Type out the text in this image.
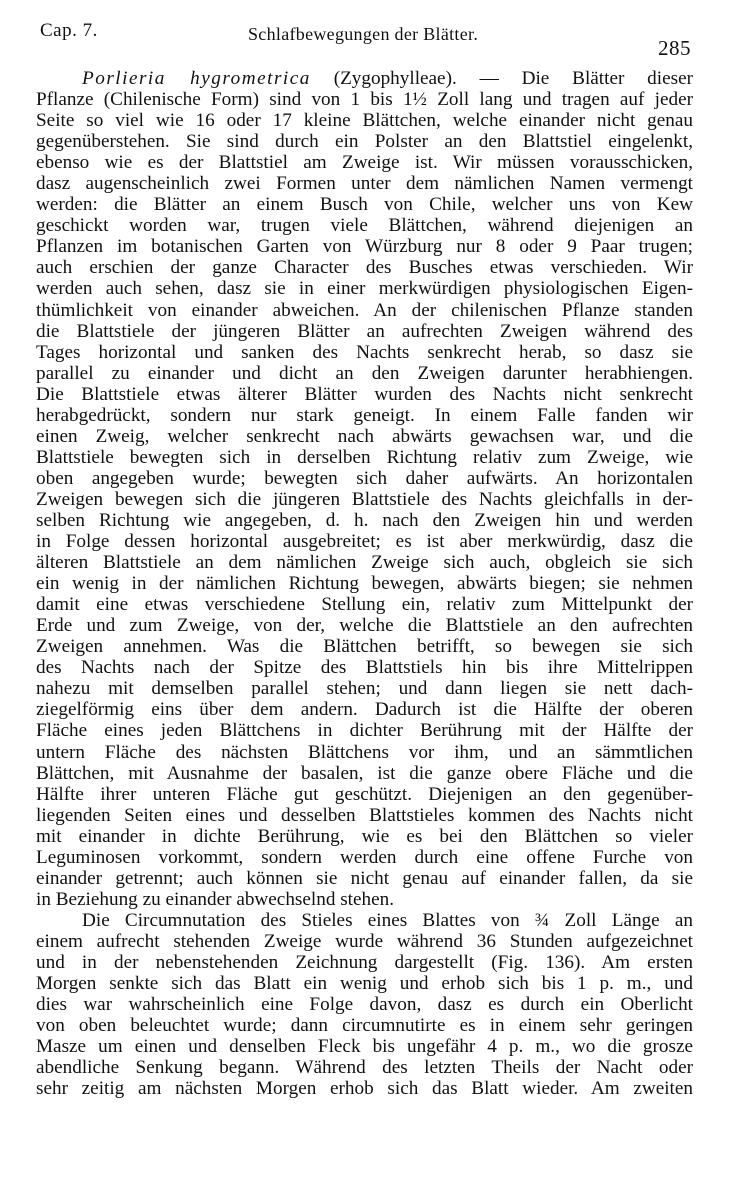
Cap. 7.	Schlafbewegungen der Blätter.
285
Porlieria hygrometrica (Zygophylleae). — Die Blätter dieser
Pflanze (Chilenische Form) sind von 1 bis 1½ Zoll lang und tragen auf jeder
Seite so viel wie 16 oder 17 kleine Blättchen, welche einander nicht genau
gegenüberstehen. Sie sind durch ein Polster an den Blattstiel eingelenkt,
ebenso wie es der Blattstiel am Zweige ist. Wir müssen vorausschicken,
dasz augenscheinlich zwei Formen unter dem nämlichen Namen vermengt
werden: die Blätter an einem Busch von Chile, welcher uns von Kew
geschickt worden war, trugen viele Blättchen, während diejenigen an
Pflanzen im botanischen Garten von Würzburg nur 8 oder 9 Paar trugen;
auch erschien der ganze Character des Busches etwas verschieden. Wir
werden auch sehen, dasz sie in einer merkwürdigen physiologischen Eigen-
thümlichkeit von einander abweichen. An der chilenischen Pflanze standen
die Blattstiele der jüngeren Blätter an aufrechten Zweigen während des
Tages horizontal und sanken des Nachts senkrecht herab, so dasz sie
parallel zu einander und dicht an den Zweigen darunter herabhiengen.
Die Blattstiele etwas älterer Blätter wurden des Nachts nicht senkrecht
herabgedrückt, sondern nur stark geneigt. In einem Falle fanden wir
einen Zweig, welcher senkrecht nach abwärts gewachsen war, und die
Blattstiele bewegten sich in derselben Richtung relativ zum Zweige, wie
oben angegeben wurde; bewegten sich daher aufwärts. An horizontalen
Zweigen bewegen sich die jüngeren Blattstiele des Nachts gleichfalls in der-
selben Richtung wie angegeben, d. h. nach den Zweigen hin und werden
in Folge dessen horizontal ausgebreitet; es ist aber merkwürdig, dasz die
älteren Blattstiele an dem nämlichen Zweige sich auch, obgleich sie sich
ein wenig in der nämlichen Richtung bewegen, abwärts biegen; sie nehmen
damit eine etwas verschiedene Stellung ein, relativ zum Mittelpunkt der
Erde und zum Zweige, von der, welche die Blattstiele an den aufrechten
Zweigen annehmen. Was die Blättchen betrifft, so bewegen sie sich
des Nachts nach der Spitze des Blattstiels hin bis ihre Mittelrippen
nahezu mit demselben parallel stehen; und dann liegen sie nett dach-
ziegelförmig eins über dem andern. Dadurch ist die Hälfte der oberen
Fläche eines jeden Blättchens in dichter Berührung mit der Hälfte der
untern Fläche des nächsten Blättchens vor ihm, und an sämmtlichen
Blättchen, mit Ausnahme der basalen, ist die ganze obere Fläche und die
Hälfte ihrer unteren Fläche gut geschützt. Diejenigen an den gegenüber-
liegenden Seiten eines und desselben Blattstieles kommen des Nachts nicht
mit einander in dichte Berührung, wie es bei den Blättchen so vieler
Leguminosen vorkommt, sondern werden durch eine offene Furche von
einander getrennt; auch können sie nicht genau auf einander fallen, da sie
in Beziehung zu einander abwechselnd stehen.
Die Circumnutation des Stieles eines Blattes von ¾ Zoll Länge an
einem aufrecht stehenden Zweige wurde während 36 Stunden aufgezeichnet
und in der nebenstehenden Zeichnung dargestellt (Fig. 136). Am ersten
Morgen senkte sich das Blatt ein wenig und erhob sich bis 1 p. m., und
dies war wahrscheinlich eine Folge davon, dasz es durch ein Oberlicht
von oben beleuchtet wurde; dann circumnutirte es in einem sehr geringen
Masze um einen und denselben Fleck bis ungefähr 4 p. m., wo die grosze
abendliche Senkung begann. Während des letzten Theils der Nacht oder
sehr zeitig am nächsten Morgen erhob sich das Blatt wieder. Am zweiten
